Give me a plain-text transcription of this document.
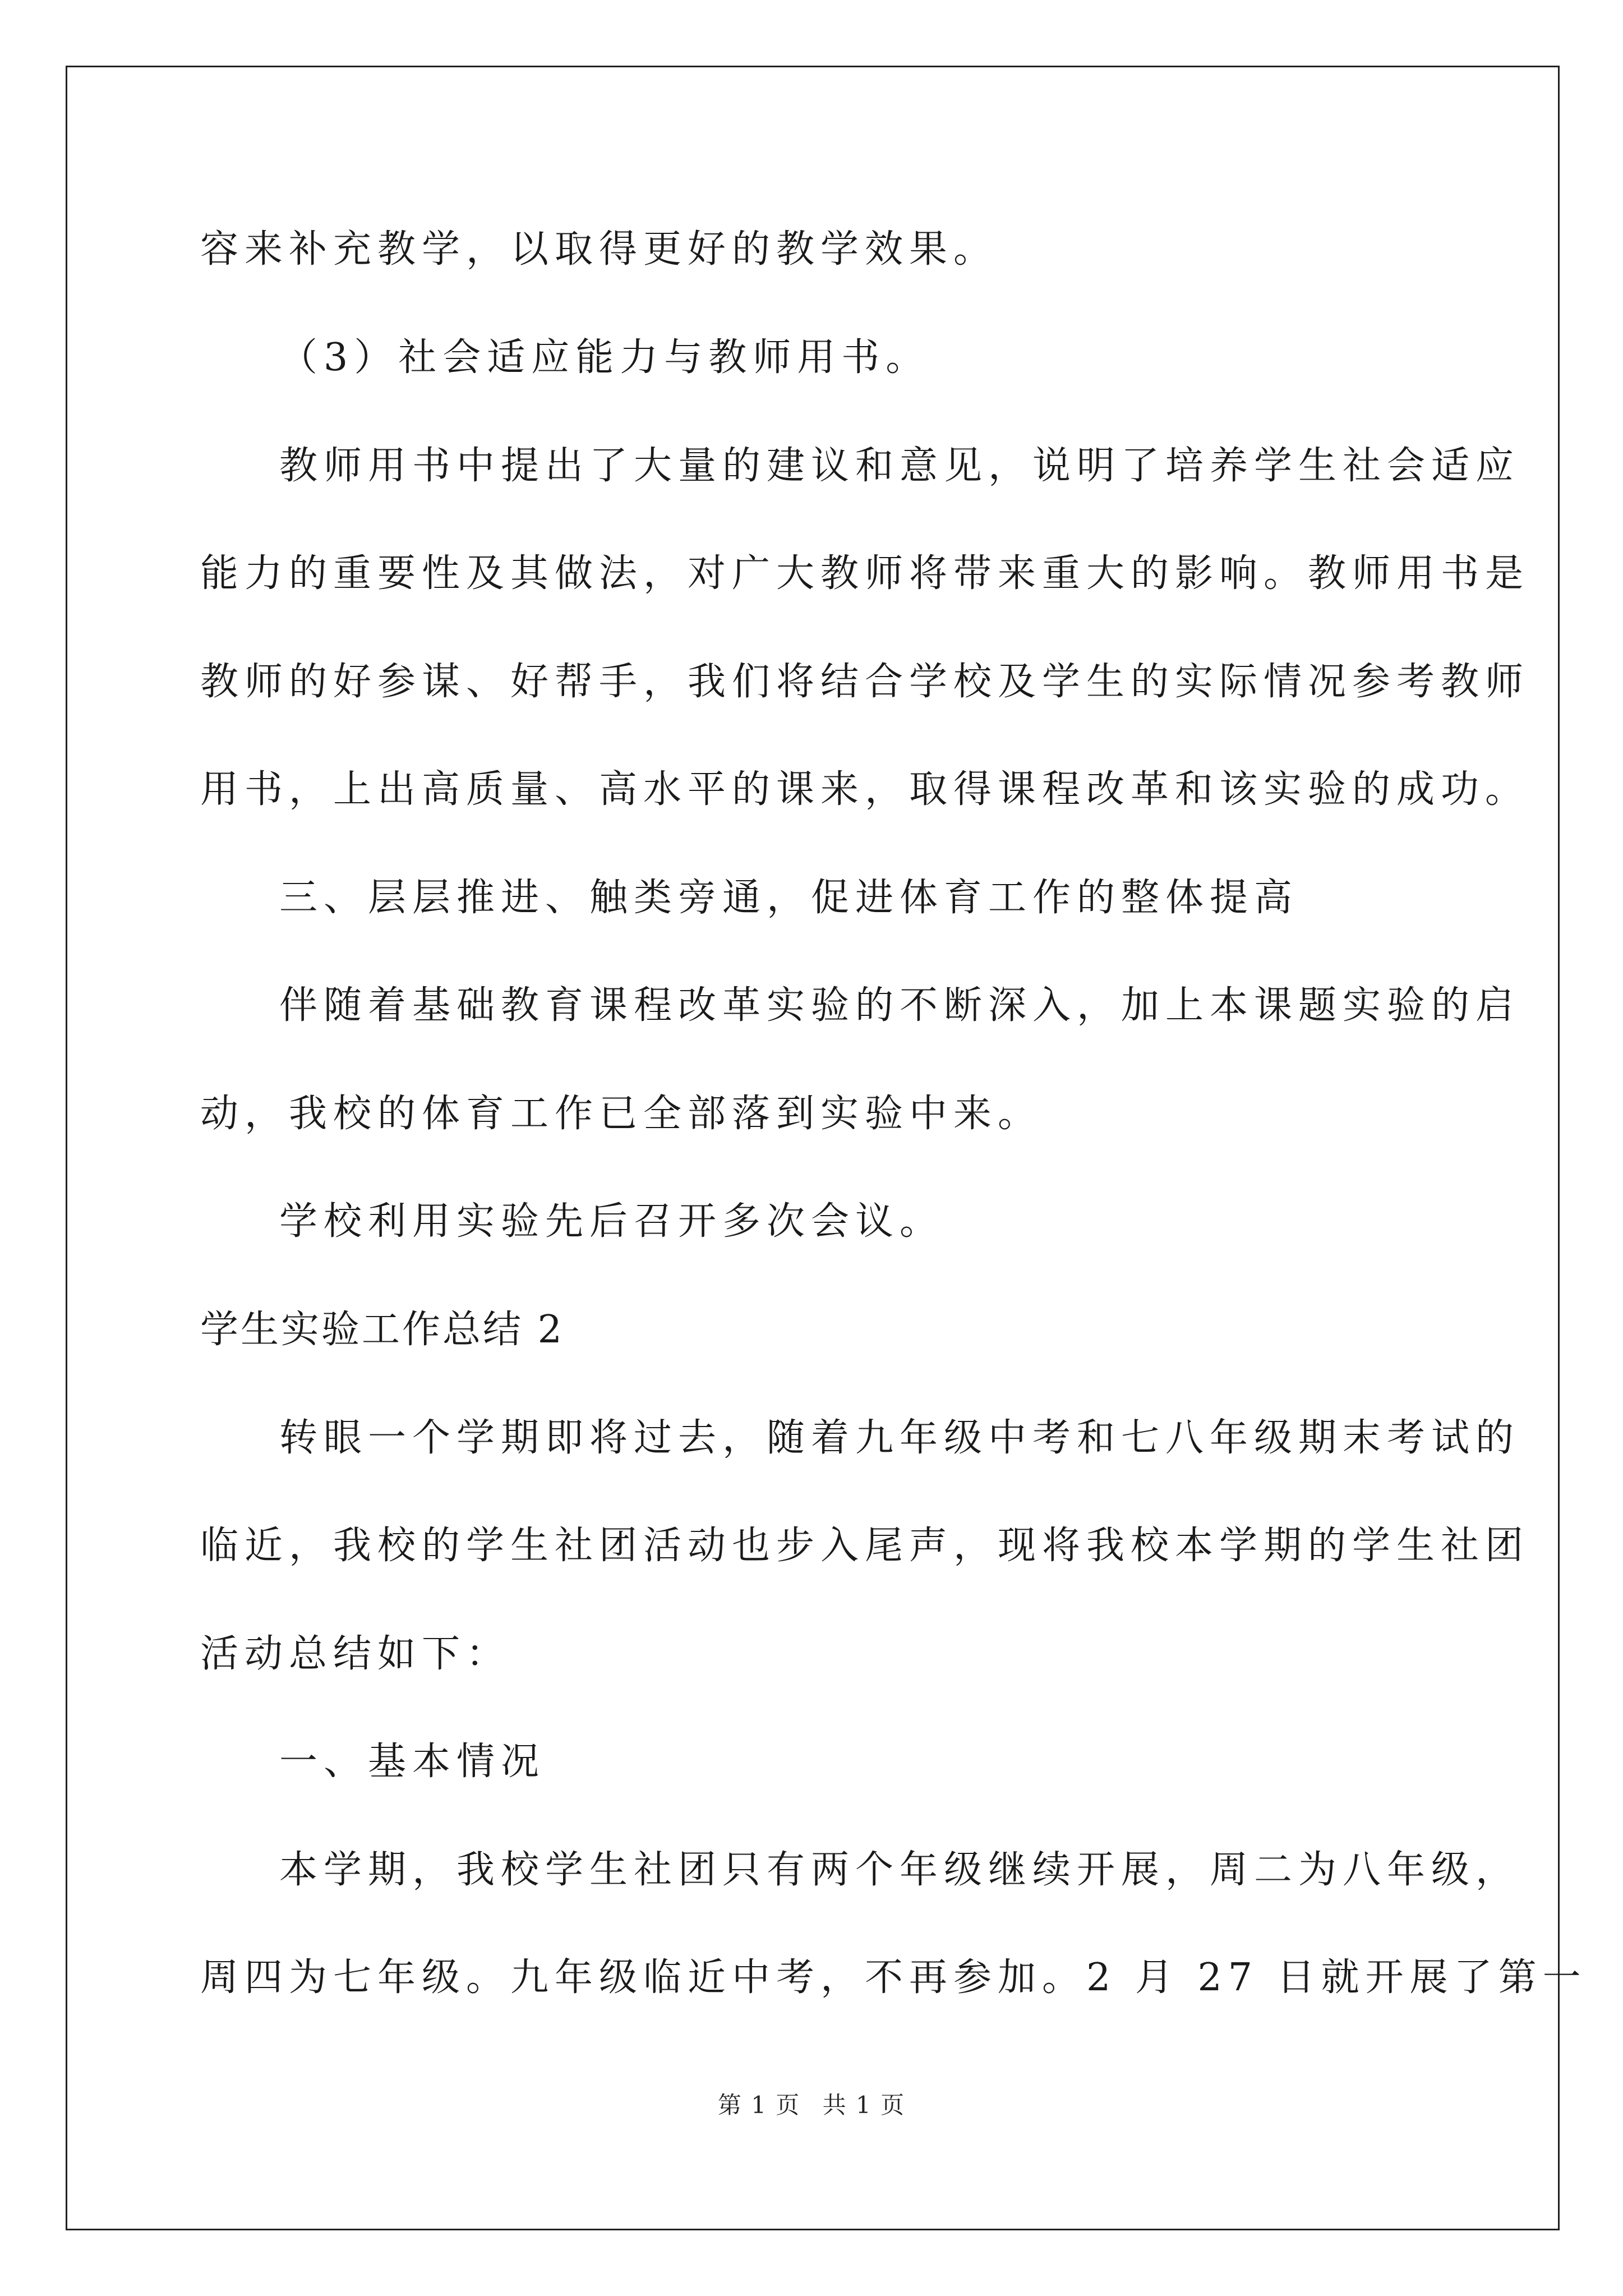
容来补充教学，以取得更好的教学效果。
（3）社会适应能力与教师用书。
教师用书中提出了大量的建议和意见，说明了培养学生社会适应
能力的重要性及其做法，对广大教师将带来重大的影响。教师用书是
教师的好参谋、好帮手，我们将结合学校及学生的实际情况参考教师
用书，上出高质量、高水平的课来，取得课程改革和该实验的成功。
三、层层推进、触类旁通，促进体育工作的整体提高
伴随着基础教育课程改革实验的不断深入，加上本课题实验的启
动，我校的体育工作已全部落到实验中来。
学校利用实验先后召开多次会议。
学生实验工作总结 2
转眼一个学期即将过去，随着九年级中考和七八年级期末考试的
临近，我校的学生社团活动也步入尾声，现将我校本学期的学生社团
活动总结如下：
一、基本情况
本学期，我校学生社团只有两个年级继续开展，周二为八年级，
周四为七年级。九年级临近中考，不再参加。2 月 27 日就开展了第一
第 1 页 共 1 页
